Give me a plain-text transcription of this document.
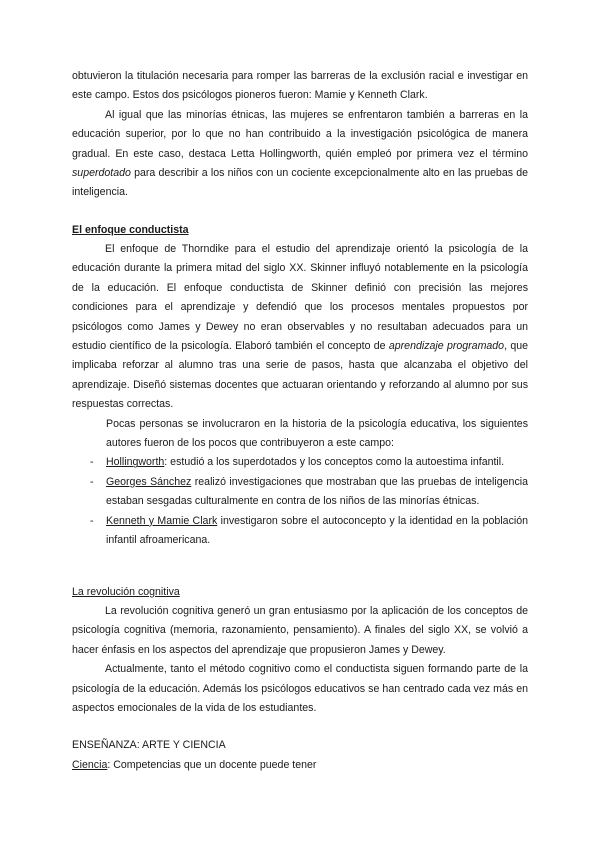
obtuvieron la titulación necesaria para romper las barreras de la exclusión racial e investigar en este campo. Estos dos psicólogos pioneros fueron: Mamie y Kenneth Clark.

Al igual que las minorías étnicas, las mujeres se enfrentaron también a barreras en la educación superior, por lo que no han contribuido a la investigación psicológica de manera gradual. En este caso, destaca Letta Hollingworth, quién empleó por primera vez el término superdotado para describir a los niños con un cociente excepcionalmente alto en las pruebas de inteligencia.

El enfoque conductista

El enfoque de Thorndike para el estudio del aprendizaje orientó la psicología de la educación durante la primera mitad del siglo XX. Skinner influyó notablemente en la psicología de la educación. El enfoque conductista de Skinner definió con precisión las mejores condiciones para el aprendizaje y defendió que los procesos mentales propuestos por psicólogos como James y Dewey no eran observables y no resultaban adecuados para un estudio científico de la psicología. Elaboró también el concepto de aprendizaje programado, que implicaba reforzar al alumno tras una serie de pasos, hasta que alcanzaba el objetivo del aprendizaje. Diseñó sistemas docentes que actuaran orientando y reforzando al alumno por sus respuestas correctas.

Pocas personas se involucraron en la historia de la psicología educativa, los siguientes autores fueron de los pocos que contribuyeron a este campo:

- Hollingworth: estudió a los superdotados y los conceptos como la autoestima infantil.
- Georges Sánchez realizó investigaciones que mostraban que las pruebas de inteligencia estaban sesgadas culturalmente en contra de los niños de las minorías étnicas.
- Kenneth y Mamie Clark investigaron sobre el autoconcepto y la identidad en la población infantil afroamericana.
La revolución cognitiva

La revolución cognitiva generó un gran entusiasmo por la aplicación de los conceptos de psicología cognitiva (memoria, razonamiento, pensamiento). A finales del siglo XX, se volvió a hacer énfasis en los aspectos del aprendizaje que propusieron James y Dewey.

Actualmente, tanto el método cognitivo como el conductista siguen formando parte de la psicología de la educación. Además los psicólogos educativos se han centrado cada vez más en aspectos emocionales de la vida de los estudiantes.

ENSEÑANZA: ARTE Y CIENCIA
Ciencia: Competencias que un docente puede tener
